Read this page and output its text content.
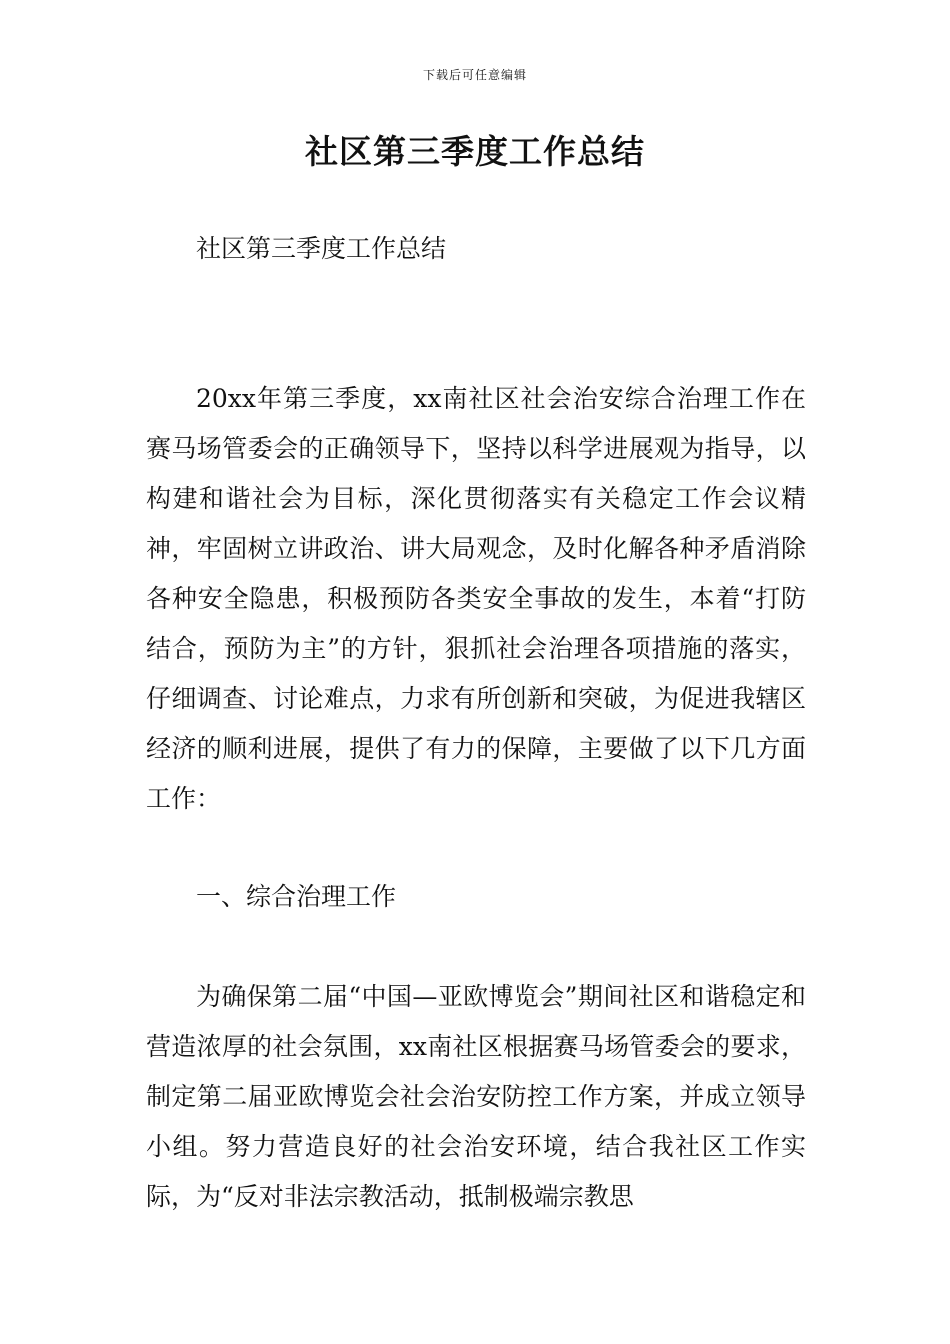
下载后可任意编辑
社区第三季度工作总结

社区第三季度工作总结

20xx年第三季度，xx南社区社会治安综合治理工作在赛马场管委会的正确领导下，坚持以科学进展观为指导，以构建和谐社会为目标，深化贯彻落实有关稳定工作会议精神，牢固树立讲政治、讲大局观念，及时化解各种矛盾消除各种安全隐患，积极预防各类安全事故的发生，本着“打防结合，预防为主”的方针，狠抓社会治理各项措施的落实，仔细调查、讨论难点，力求有所创新和突破，为促进我辖区经济的顺利进展，提供了有力的保障，主要做了以下几方面工作：

一、综合治理工作

为确保第二届“中国—亚欧博览会”期间社区和谐稳定和营造浓厚的社会氛围，xx南社区根据赛马场管委会的要求，制定第二届亚欧博览会社会治安防控工作方案，并成立领导小组。努力营造良好的社会治安环境，结合我社区工作实际，为“反对非法宗教活动，抵制极端宗教思
